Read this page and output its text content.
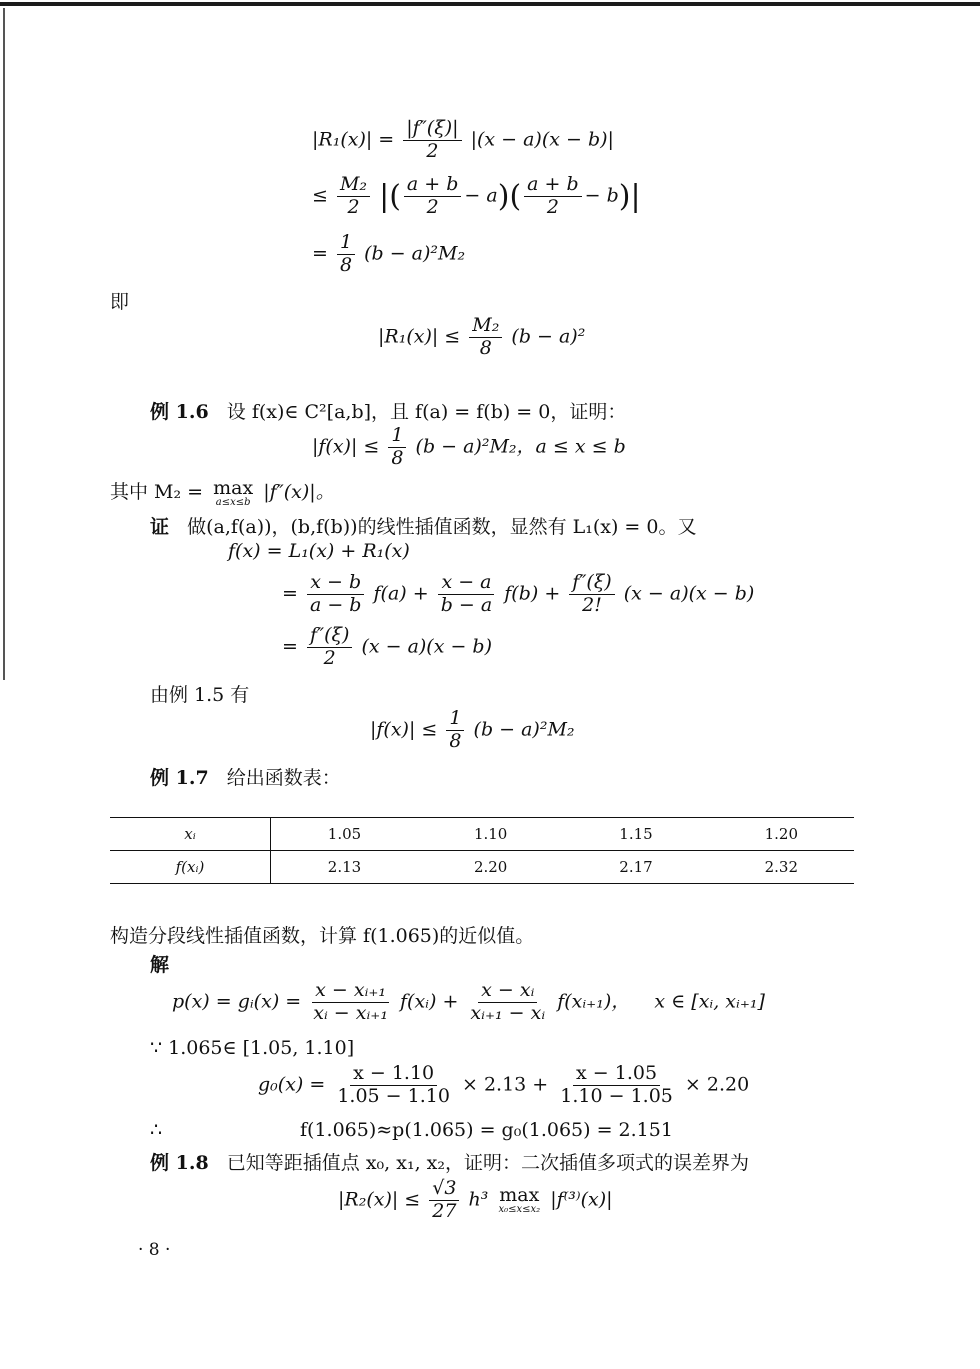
$|R_1(x)| = \frac{|f''(\xi)|}{2} |(x - a)(x - b)|$
≤ $\frac{\text{M₂}}{2}$ |( $\frac{a + b}{2} - a)( \frac{a + b}{2} - b)|$
= $\frac{1}{8} (b - a)^2M_2$
即
$|R_1(x)| \le \frac{\text{M₂}}{8} (b - a)^2$
例 1.6 设 f(x)∈ C²[a,b]，且 f(a) = f(b) = 0，证明：
$|f(x)| \le \frac{1}{8} (b - a)^2M_2$，a ≤ x ≤ b
其中 M₂ = max
a≤x≤b |f″(x)|。
证 做(a,f(a))，(b,f(b))的线性插值函数，显然有 L₁(x) = 0。又
f(x) = L₁(x) + R₁(x)
= $\frac{x - b}{a - b} f(a) + \frac{x - a}{b - a} f(b) + \frac{f''(\xi)}{2!} (x - a)(x - b)$
= $\frac{f''(\xi)}{2} (x - a)(x - b)$
由例 1.5 有
$|f(x)| \le \frac{1}{8} (b - a)^2M_2$
例 1.7 给出函数表：
xᵢ	1.05	1.10	1.15	1.20
f(xᵢ)	2.13	2.20	2.17	2.32
构造分段线性插值函数，计算 f(1.065)的近似值。
解
p(x) = gᵢ(x) = $\frac{\text{x − xᵢ₊₁}}{\text{xᵢ − xᵢ₊₁}}$ f(xᵢ) + $\frac{\text{x − xᵢ}}{\text{xᵢ₊₁ − xᵢ}}$ f(xᵢ₊₁)， x ∈ [xᵢ, xᵢ₊₁]
∵ 1.065∈ [1.05, 1.10]
$g_0(x) = \frac{x - 1.10}{1.05 - 1.10} \times 2.13 + \frac{x - 1.05}{1.10 - 1.05} \times 2.20$
∴	f(1.065)≈p(1.065) = g₀(1.065) = 2.151
例 1.8 已知等距插值点 x₀, x₁, x₂，证明：二次插值多项式的误差界为
$|R_2(x)| \le \frac{√3}{27} h^3$ max
x₀≤x≤x₂ |f⁽³⁾(x)|
· 8 ·
